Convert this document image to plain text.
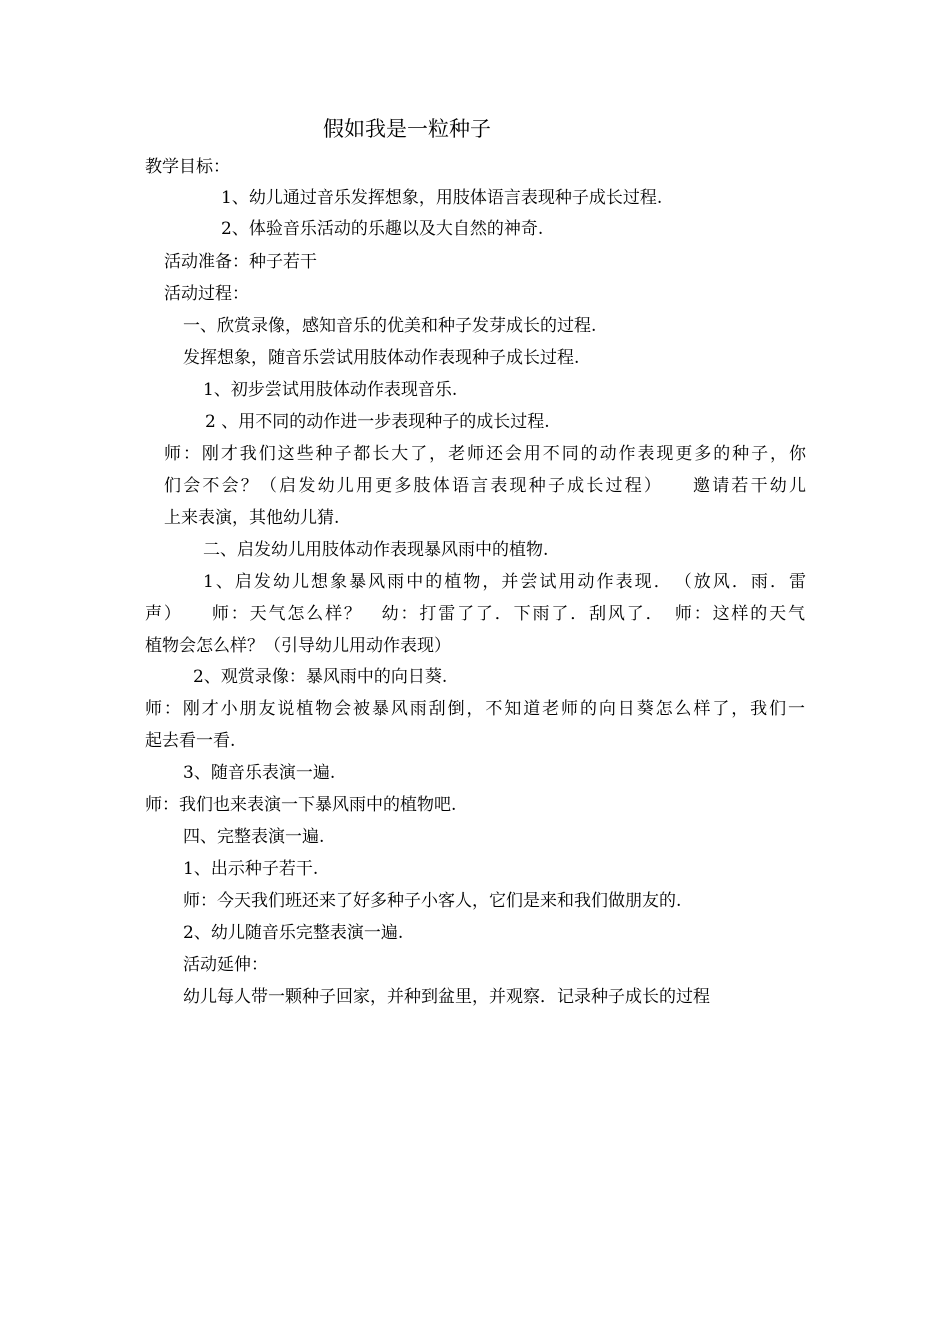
假如我是一粒种子
教学目标：
1、幼儿通过音乐发挥想象，用肢体语言表现种子成长过程.
2、体验音乐活动的乐趣以及大自然的神奇.
活动准备：种子若干
活动过程：
一、欣赏录像，感知音乐的优美和种子发芽成长的过程.
发挥想象，随音乐尝试用肢体动作表现种子成长过程.
1、初步尝试用肢体动作表现音乐.
2 、用不同的动作进一步表现种子的成长过程.
师：刚才我们这些种子都长大了，老师还会用不同的动作表现更多的种子，你
们会不会？（启发幼儿用更多肢体语言表现种子成长过程）　　邀请若干幼儿
上来表演，其他幼儿猜.
二、启发幼儿用肢体动作表现暴风雨中的植物.
1、启发幼儿想象暴风雨中的植物，并尝试用动作表现．　（放风．雨．雷
声）　　师：天气怎么样？　幼：打雷了了．下雨了．刮风了．　师：这样的天气
植物会怎么样？（引导幼儿用动作表现）
2、观赏录像：暴风雨中的向日葵.
师：刚才小朋友说植物会被暴风雨刮倒，不知道老师的向日葵怎么样了，我们一
起去看一看.
3、随音乐表演一遍.
师：我们也来表演一下暴风雨中的植物吧.
四、完整表演一遍.
1、出示种子若干.
师：今天我们班还来了好多种子小客人，它们是来和我们做朋友的.
2、幼儿随音乐完整表演一遍.
活动延伸：
幼儿每人带一颗种子回家，并种到盆里，并观察．记录种子成长的过程
